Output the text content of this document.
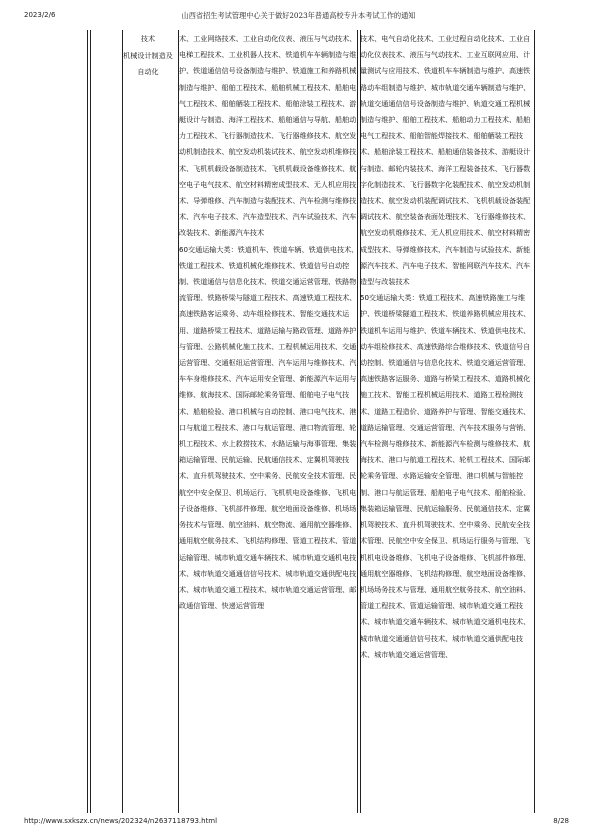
山西省招生考试管理中心关于做好2023年普通高校专升本考试工作的通知
2023/2/6
技术
机械设计制造及自动化
术、工业网络技术、工业自动化仪表、液压与气动技术、电梯工程技术、工业机器人技术、铁道机车车辆制造与维护、铁道通信信号设备制造与维护、铁道施工和养路机械制造与维护、船舶工程技术、船舶机械工程技术、船舶电气工程技术、船舶舾装工程技术、船舶涂装工程技术、游艇设计与制造、海洋工程技术、船舶通信与导航、船舶动力工程技术、飞行器制造技术、飞行器维修技术、航空发动机制造技术、航空发动机装试技术、航空发动机维修技术、飞机机载设备制造技术、飞机机载设备维修技术、航空电子电气技术、航空材料精密成型技术、无人机应用技术、导弹维修、汽车制造与装配技术、汽车检测与维修技术、汽车电子技术、汽车造型技术、汽车试验技术、汽车改装技术、新能源汽车技术
60交通运输大类：铁道机车、铁道车辆、铁道供电技术、铁道工程技术、铁道机械化维修技术、铁道信号自动控制、铁道通信与信息化技术、铁道交通运营管理、铁路物流管理、铁路桥梁与隧道工程技术、高速铁道工程技术、高速铁路客运乘务、动车组检修技术、智能交通技术运用、道路桥梁工程技术、道路运输与路政管理、道路养护与管理、公路机械化施工技术、工程机械运用技术、交通运营管理、交通枢纽运营管理、汽车运用与维修技术、汽车车身维修技术、汽车运用安全管理、新能源汽车运用与维修、航海技术、国际邮轮乘务管理、船舶电子电气技术、船舶检验、港口机械与自动控制、港口电气技术、港口与航道工程技术、港口与航运管理、港口物流管理、轮机工程技术、水上救捞技术、水路运输与海事管理、集装箱运输管理、民航运输、民航通信技术、定翼机驾驶技术、直升机驾驶技术、空中乘务、民航安全技术管理、民航空中安全保卫、机场运行、飞机机电设备维修、飞机电子设备维修、飞机部件修理、航空地面设备维修、机场场务技术与管理、航空油料、航空物流、通用航空器维修、通用航空航务技术、飞机结构修理、管道工程技术、管道运输管理、城市轨道交通车辆技术、城市轨道交通机电技术、城市轨道交通通信信号技术、城市轨道交通供配电技术、城市轨道交通工程技术、城市轨道交通运营管理、邮政通信管理、快递运营管理
技术、电气自动化技术、工业过程自动化技术、工业自动化仪表技术、液压与气动技术、工业互联网应用、计量测试与应用技术、铁道机车车辆制造与维护、高速铁路动车组制造与维护、城市轨道交通车辆制造与维护、轨道交通通信信号设备制造与维护、轨道交通工程机械制造与维护、船舶工程技术、船舶动力工程技术、船舶电气工程技术、船舶智能焊接技术、船舶舾装工程技术、船舶涂装工程技术、船舶通信装备技术、游艇设计与制造、邮轮内装技术、海洋工程装备技术、飞行器数字化制造技术、飞行器数字化装配技术、航空发动机制造技术、航空发动机装配调试技术、飞机机载设备装配调试技术、航空装备表面处理技术、飞行器维修技术、航空发动机维修技术、无人机应用技术、航空材料精密成型技术、导弹维修技术、汽车制造与试验技术、新能源汽车技术、汽车电子技术、智能网联汽车技术、汽车造型与改装技术
50交通运输大类：铁道工程技术、高速铁路施工与维护、铁道桥梁隧道工程技术、铁道养路机械应用技术、铁道机车运用与维护、铁道车辆技术、铁道供电技术、动车组检修技术、高速铁路综合维修技术、铁道信号自动控制、铁道通信与信息化技术、铁道交通运营管理、高速铁路客运服务、道路与桥梁工程技术、道路机械化施工技术、智能工程机械运用技术、道路工程检测技术、道路工程造价、道路养护与管理、智能交通技术、道路运输管理、交通运营管理、汽车技术服务与营销、汽车检测与维修技术、新能源汽车检测与维修技术、航海技术、港口与航道工程技术、轮机工程技术、国际邮轮乘务管理、水路运输安全管理、港口机械与智能控制、港口与航运管理、船舶电子电气技术、船舶检验、集装箱运输管理、民航运输服务、民航通信技术、定翼机驾驶技术、直升机驾驶技术、空中乘务、民航安全技术管理、民航空中安全保卫、机场运行服务与管理、飞机机电设备维修、飞机电子设备维修、飞机部件修理、通用航空器维修、飞机结构修理、航空地面设备维修、机场场务技术与管理、通用航空航务技术、航空油料、管道工程技术、管道运输管理、城市轨道交通工程技术、城市轨道交通车辆技术、城市轨道交通机电技术、城市轨道交通通信信号技术、城市轨道交通供配电技术、城市轨道交通运营管理、
http://www.sxkszx.cn/news/202324/n2637118793.html	8/28
